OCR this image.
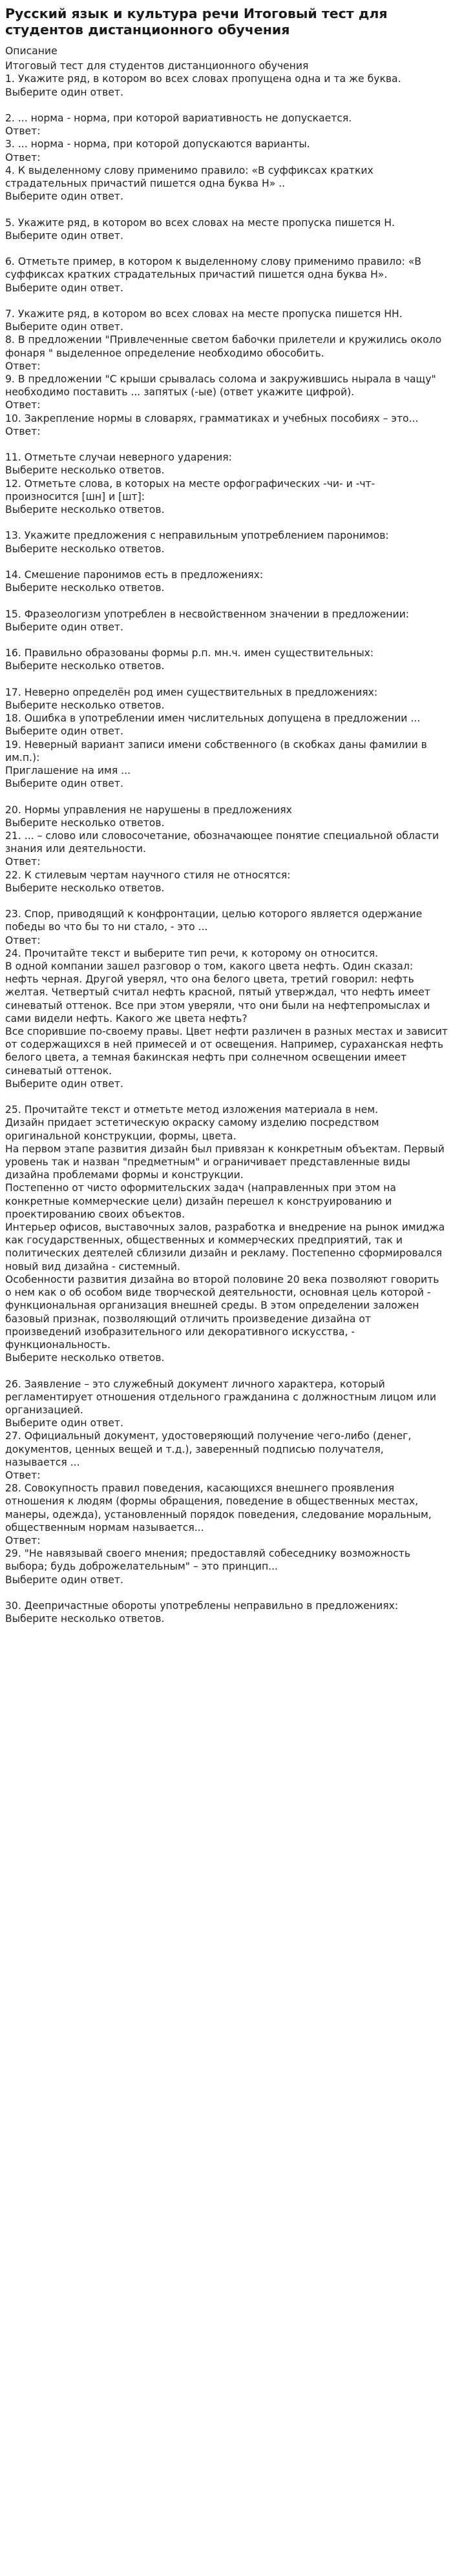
Русский язык и культура речи Итоговый тест для студентов дистанционного обучения
Описание
Итоговый тест для студентов дистанционного обучения
1. Укажите ряд, в котором во всех словах пропущена одна и та же буква.
Выберите один ответ.
2. ... норма - норма, при которой вариативность не допускается.
Ответ:
3. ... норма - норма, при которой допускаются варианты.
Ответ:
4. К выделенному слову применимо правило: «В суффиксах кратких страдательных причастий пишется одна буква Н» ..
Выберите один ответ.
5. Укажите ряд, в котором во всех словах на месте пропуска пишется Н.
Выберите один ответ.
6. Отметьте пример, в котором к выделенному слову применимо правило: «В суффиксах кратких страдательных причастий пишется одна буква Н».
Выберите один ответ.
7. Укажите ряд, в котором во всех словах на месте пропуска пишется НН.
Выберите один ответ.
8. В предложении "Привлеченные светом бабочки прилетели и кружились около фонаря " выделенное определение необходимо обособить.
Ответ:
9. В предложении "С крыши срывалась солома и закружившись нырала в чащу" необходимо поставить ... запятых (-ые) (ответ укажите цифрой).
Ответ:
10. Закрепление нормы в словарях, грамматиках и учебных пособиях – это...
Ответ:
11. Отметьте случаи неверного ударения:
Выберите несколько ответов.
12. Отметьте слова, в которых на месте орфографических -чи- и -чт- произносится [шн] и [шт]:
Выберите несколько ответов.
13. Укажите предложения с неправильным употреблением паронимов:
Выберите несколько ответов.
14. Смешение паронимов есть в предложениях:
Выберите несколько ответов.
15. Фразеологизм употреблен в несвойственном значении в предложении:
Выберите один ответ.
16. Правильно образованы формы р.п. мн.ч. имен существительных:
Выберите несколько ответов.
17. Неверно определён род имен существительных в предложениях:
Выберите несколько ответов.
18. Ошибка в употреблении имен числительных допущена в предложении ...
Выберите один ответ.
19. Неверный вариант записи имени собственного (в скобках даны фамилии в им.п.):
Приглашение на имя ...
Выберите один ответ.
20. Нормы управления не нарушены в предложениях
Выберите несколько ответов.
21. ... – слово или словосочетание, обозначающее понятие специальной области знания или деятельности.
Ответ:
22. К стилевым чертам научного стиля не относятся:
Выберите несколько ответов.
23. Спор, приводящий к конфронтации, целью которого является одержание победы во что бы то ни стало, - это ...
Ответ:
24. Прочитайте текст и выберите тип речи, к которому он относится.
В одной компании зашел разговор о том, какого цвета нефть. Один сказал: нефть черная. Другой уверял, что она белого цвета, третий говорил: нефть желтая. Четвертый считал нефть красной, пятый утверждал, что нефть имеет синеватый оттенок. Все при этом уверяли, что они были на нефтепромыслах и сами видели нефть. Какого же цвета нефть?
Все спорившие по-своему правы. Цвет нефти различен в разных местах и зависит от содержащихся в ней примесей и от освещения. Например, сураханская нефть белого цвета, а темная бакинская нефть при солнечном освещении имеет синеватый оттенок.
Выберите один ответ.
25. Прочитайте текст и отметьте метод изложения материала в нем.
Дизайн придает эстетическую окраску самому изделию посредством оригинальной конструкции, формы, цвета.
На первом этапе развития дизайн был привязан к конкретным объектам. Первый уровень так и назван "предметным" и ограничивает представленные виды дизайна проблемами формы и конструкции.
Постепенно от чисто оформительских задач (направленных при этом на конкретные коммерческие цели) дизайн перешел к конструированию и проектированию своих объектов.
Интерьер офисов, выставочных залов, разработка и внедрение на рынок имиджа как государственных, общественных и коммерческих предприятий, так и политических деятелей сблизили дизайн и рекламу. Постепенно сформировался новый вид дизайна - системный.
Особенности развития дизайна во второй половине 20 века позволяют говорить о нем как о об особом виде творческой деятельности, основная цель которой - функциональная организация внешней среды. В этом определении заложен базовый признак, позволяющий отличить произведение дизайна от произведений изобразительного или декоративного искусства, - функциональность.
Выберите несколько ответов.
26. Заявление – это служебный документ личного характера, который регламентирует отношения отдельного гражданина с должностным лицом или организацией.
Выберите один ответ.
27. Официальный документ, удостоверяющий получение чего-либо (денег, документов, ценных вещей и т.д.), заверенный подписью получателя, называется ...
Ответ:
28. Совокупность правил поведения, касающихся внешнего проявления отношения к людям (формы обращения, поведение в общественных местах, манеры, одежда), установленный порядок поведения, следование моральным, общественным нормам называется...
Ответ:
29. "Не навязывай своего мнения; предоставляй собеседнику возможность выбора; будь доброжелательным" – это принцип...
Выберите один ответ.
30. Деепричастные обороты употреблены неправильно в предложениях:
Выберите несколько ответов.
